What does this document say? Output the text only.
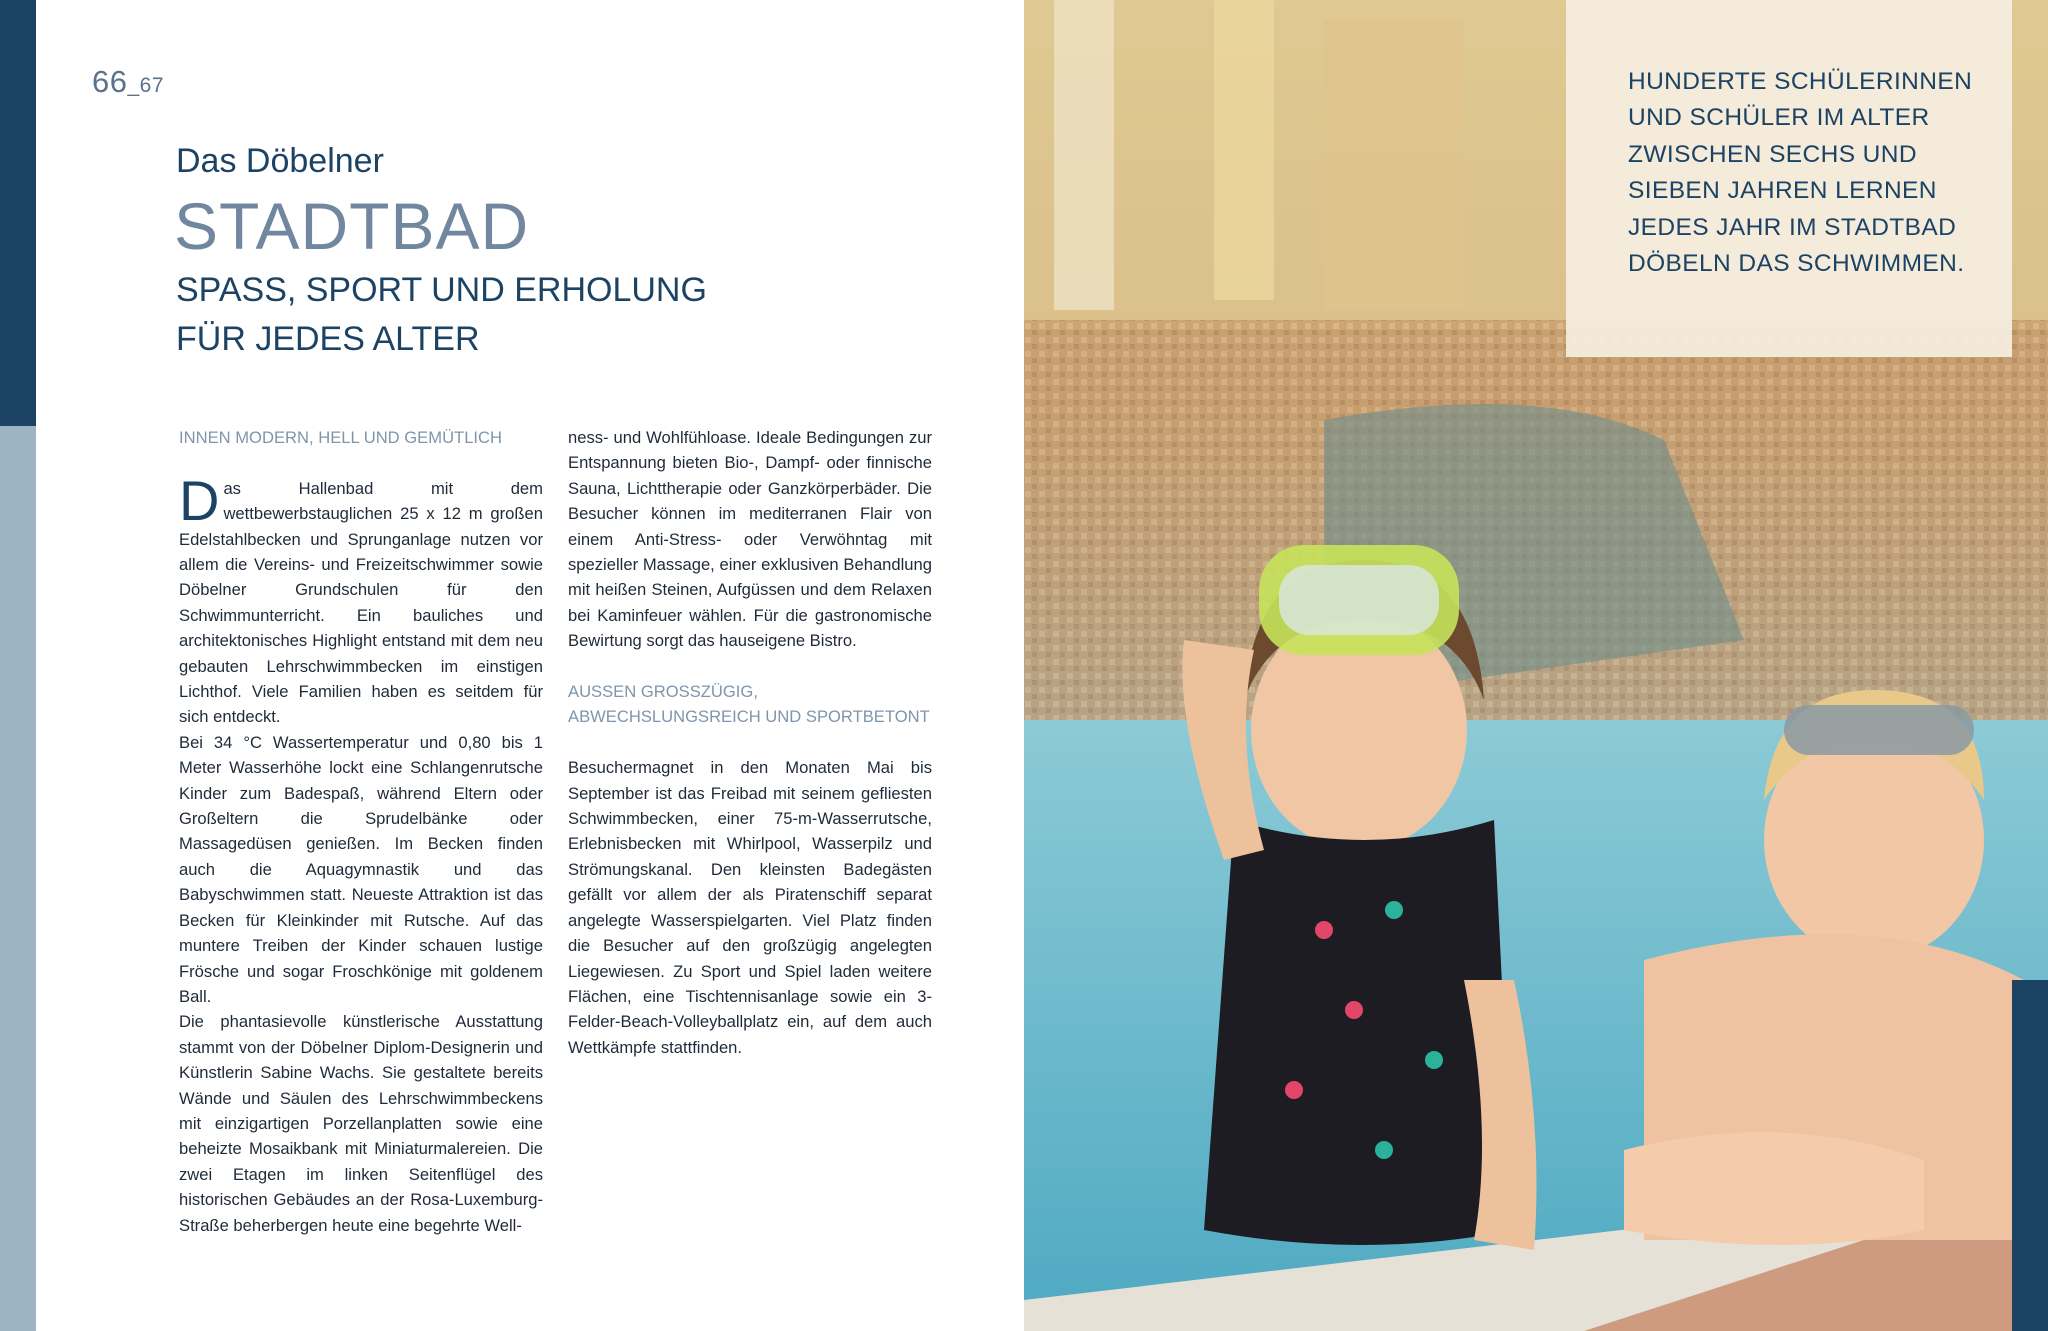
66_67
Das Döbelner
STADTBAD
SPASS, SPORT UND ERHOLUNG
FÜR JEDES ALTER
INNEN MODERN, HELL UND GEMÜTLICH

Das Hallenbad mit dem wettbewerbstauglichen 25 x 12 m großen Edelstahlbecken und Sprunganlage nutzen vor allem die Vereins- und Freizeitschwimmer sowie Döbelner Grundschulen für den Schwimmunterricht. Ein bauliches und architektonisches Highlight entstand mit dem neu gebauten Lehrschwimmbecken im einstigen Lichthof. Viele Familien haben es seitdem für sich entdeckt.

Bei 34 °C Wassertemperatur und 0,80 bis 1 Meter Wasserhöhe lockt eine Schlangenrutsche Kinder zum Badespaß, während Eltern oder Großeltern die Sprudelbänke oder Massagedüsen genießen. Im Becken finden auch die Aquagymnastik und das Babyschwimmen statt. Neueste Attraktion ist das Becken für Kleinkinder mit Rutsche. Auf das muntere Treiben der Kinder schauen lustige Frösche und sogar Froschkönige mit goldenem Ball.

Die phantasievolle künstlerische Ausstattung stammt von der Döbelner Diplom-Designerin und Künstlerin Sabine Wachs. Sie gestaltete bereits Wände und Säulen des Lehrschwimmbeckens mit einzigartigen Porzellanplatten sowie eine beheizte Mosaikbank mit Miniaturmalereien. Die zwei Etagen im linken Seitenflügel des historischen Gebäudes an der Rosa-Luxemburg-Straße beherbergen heute eine begehrte Well-

ness- und Wohlfühloase. Ideale Bedingungen zur Entspannung bieten Bio-, Dampf- oder finnische Sauna, Lichttherapie oder Ganzkörperbäder. Die Besucher können im mediterranen Flair von einem Anti-Stress- oder Verwöhntag mit spezieller Massage, einer exklusiven Behandlung mit heißen Steinen, Aufgüssen und dem Relaxen bei Kaminfeuer wählen. Für die gastronomische Bewirtung sorgt das hauseigene Bistro.

AUSSEN GROSSZÜGIG, ABWECHSLUNGSREICH UND SPORTBETONT

Besuchermagnet in den Monaten Mai bis September ist das Freibad mit seinem gefliesten Schwimmbecken, einer 75-m-Wasserrutsche, Erlebnisbecken mit Whirlpool, Wasserpilz und Strömungskanal. Den kleinsten Badegästen gefällt vor allem der als Piratenschiff separat angelegte Wasserspielgarten. Viel Platz finden die Besucher auf den großzügig angelegten Liegewiesen. Zu Sport und Spiel laden weitere Flächen, eine Tischtennisanlage sowie ein 3-Felder-Beach-Volleyballplatz ein, auf dem auch Wettkämpfe stattfinden.

HUNDERTE SCHÜLERINNEN UND SCHÜLER IM ALTER ZWISCHEN SECHS UND SIEBEN JAHREN LERNEN JEDES JAHR IM STADTBAD DÖBELN DAS SCHWIMMEN.
